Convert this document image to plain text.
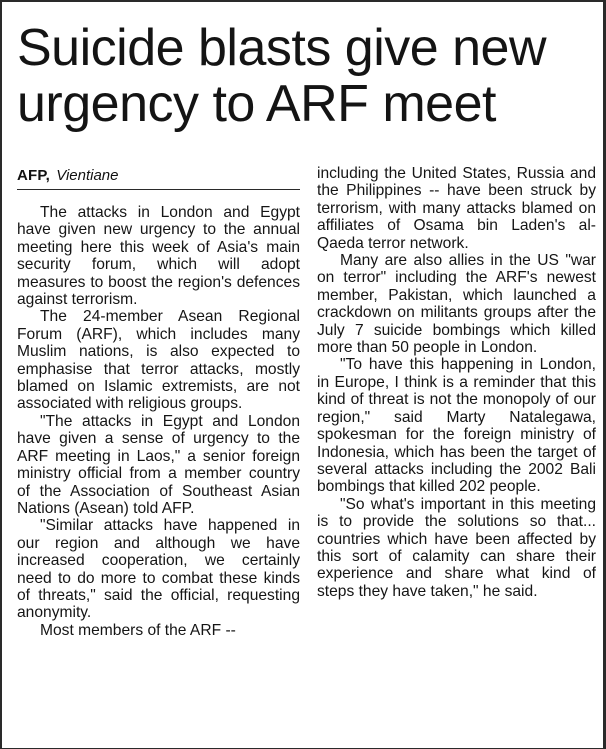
Suicide blasts give new
urgency to ARF meet
AFP, Vientiane

The attacks in London and Egypt have given new urgency to the annual meeting here this week of Asia's main security forum, which will adopt measures to boost the region's defences against terrorism.

The 24-member Asean Regional Forum (ARF), which includes many Muslim nations, is also expected to emphasise that terror attacks, mostly blamed on Islamic extremists, are not associated with religious groups.

"The attacks in Egypt and London have given a sense of urgency to the ARF meeting in Laos," a senior foreign ministry official from a member country of the Association of Southeast Asian Nations (Asean) told AFP.

"Similar attacks have happened in our region and although we have increased cooperation, we certainly need to do more to combat these kinds of threats," said the official, requesting anonymity.

Most members of the ARF --

including the United States, Russia and the Philippines -- have been struck by terrorism, with many attacks blamed on affiliates of Osama bin Laden's al-Qaeda terror network.

Many are also allies in the US "war on terror" including the ARF's newest member, Pakistan, which launched a crackdown on militants groups after the July 7 suicide bombings which killed more than 50 people in London.

"To have this happening in London, in Europe, I think is a reminder that this kind of threat is not the monopoly of our region," said Marty Natalegawa, spokesman for the foreign ministry of Indonesia, which has been the target of several attacks including the 2002 Bali bombings that killed 202 people.

"So what's important in this meeting is to provide the solutions so that... countries which have been affected by this sort of calamity can share their experience and share what kind of steps they have taken," he said.
